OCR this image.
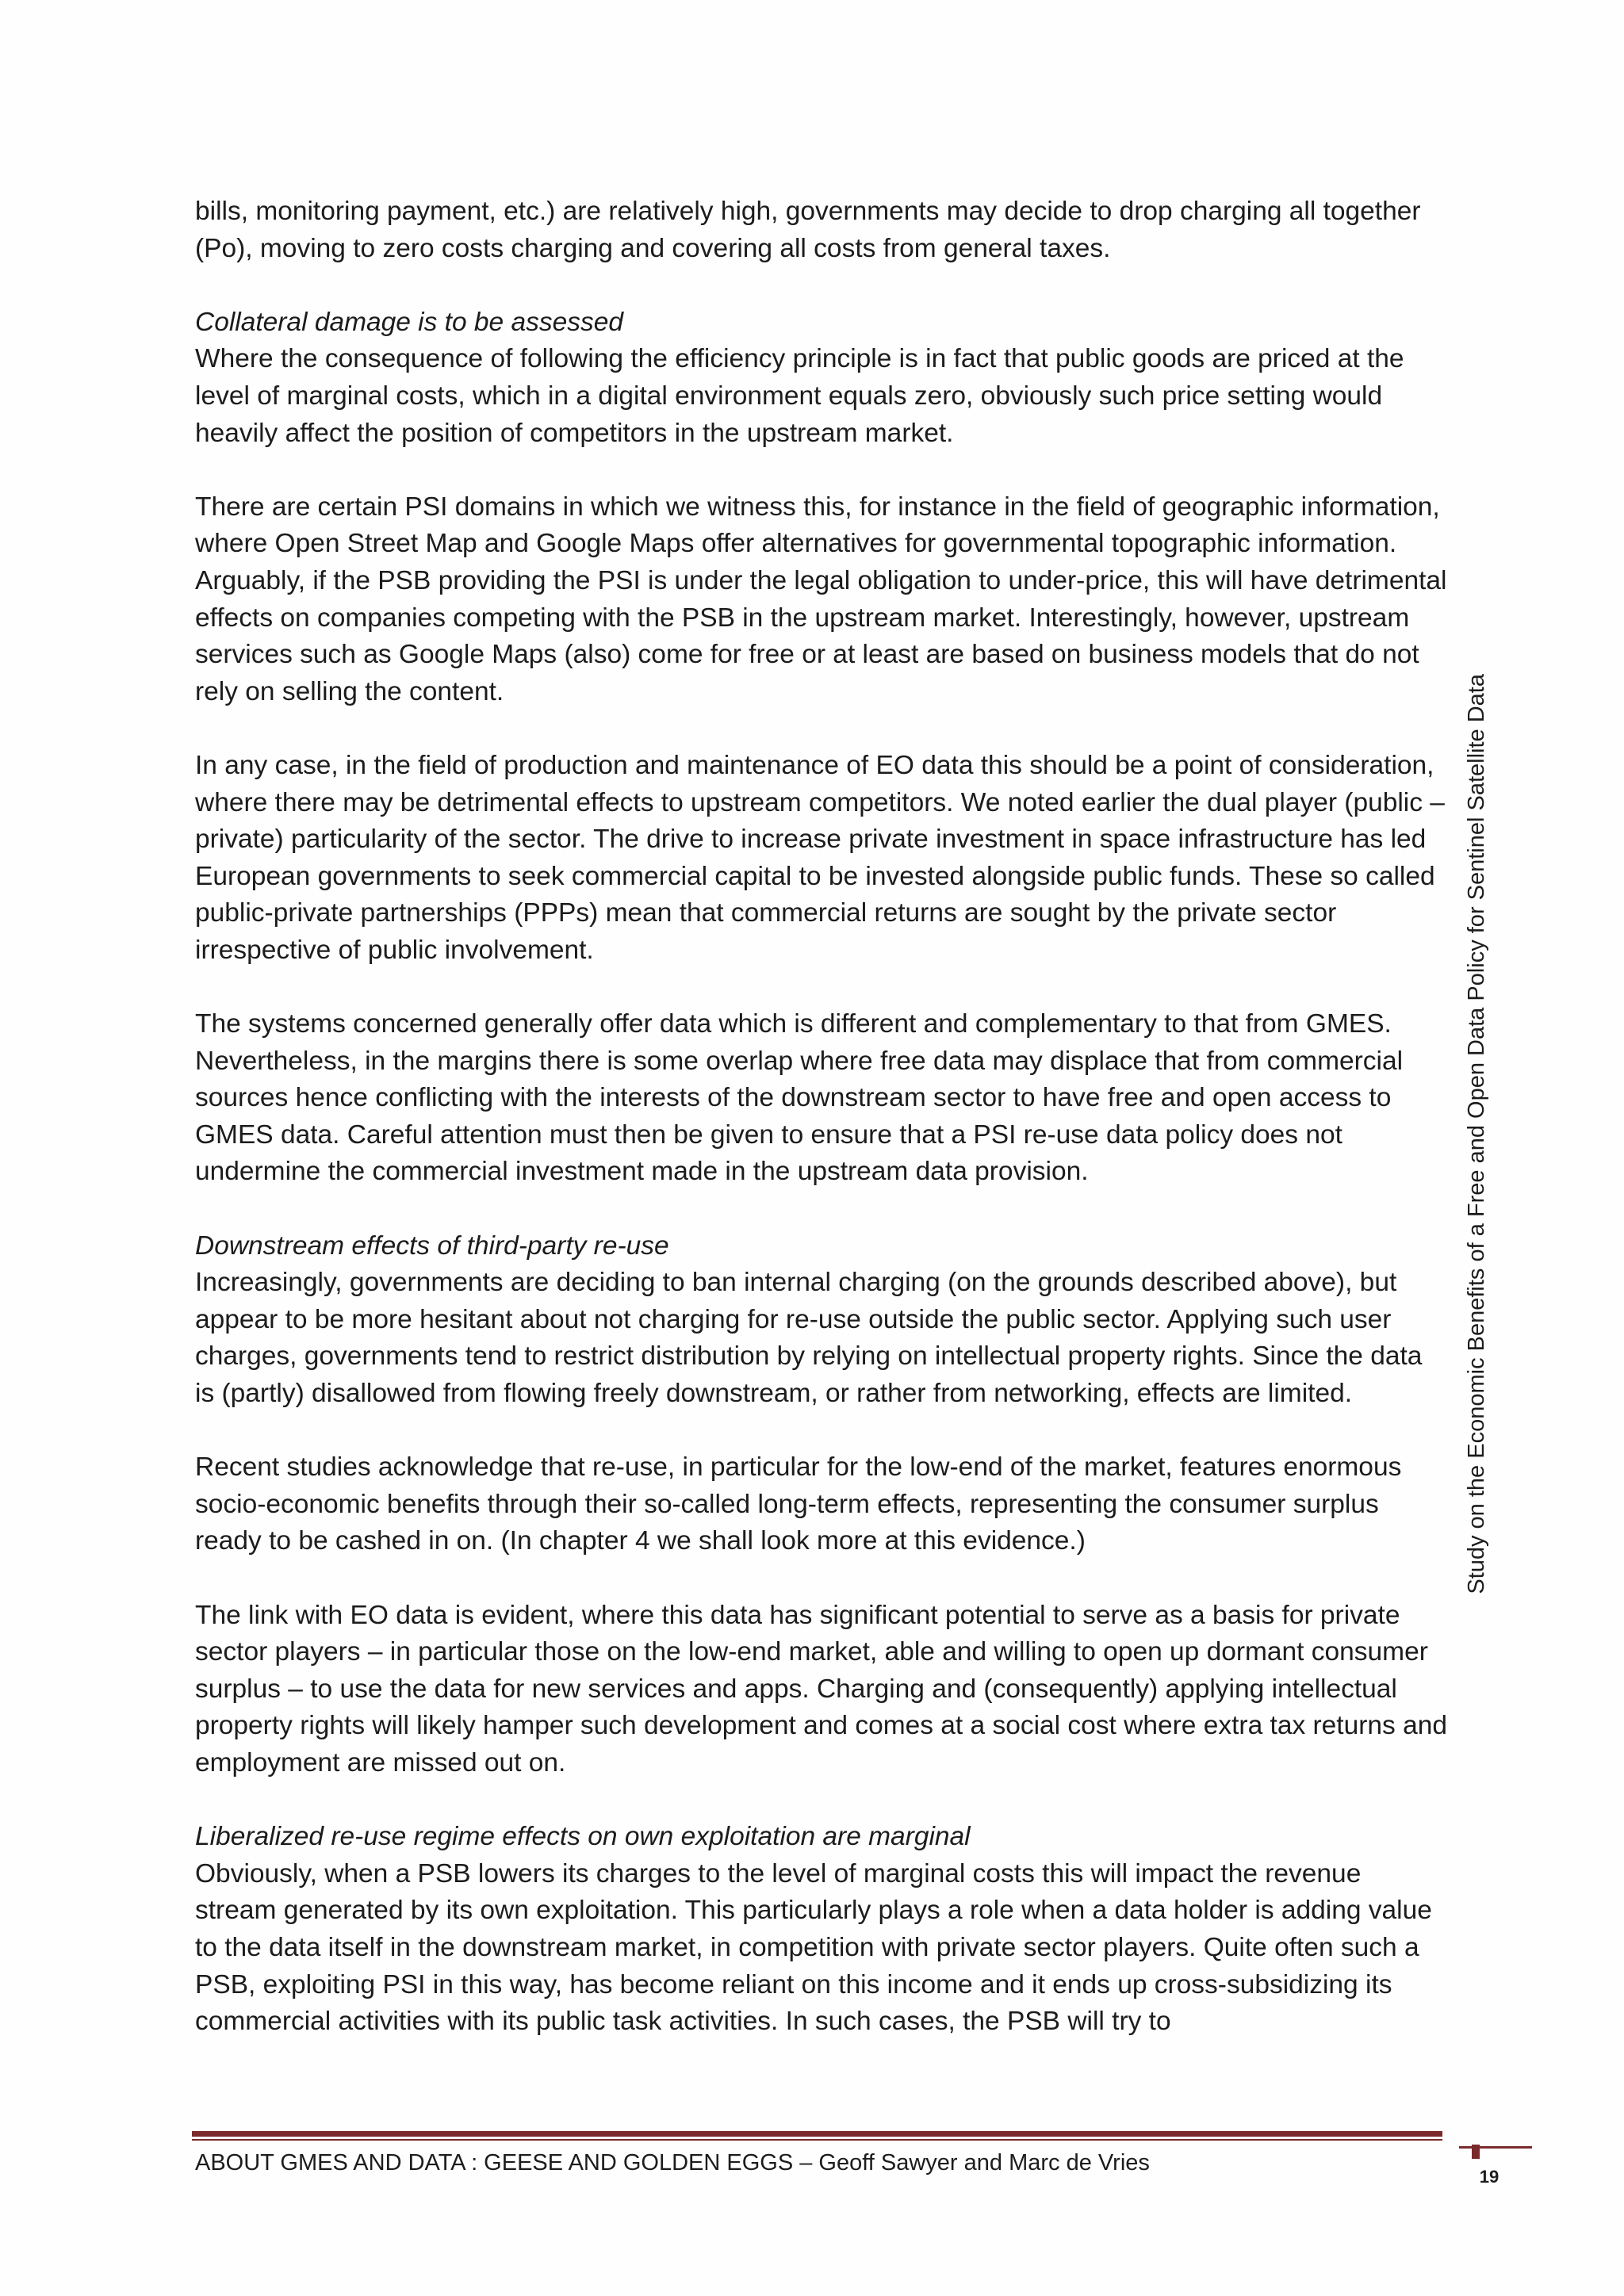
bills, monitoring payment, etc.) are relatively high, governments may decide to drop charging all together (Po), moving to zero costs charging and covering all costs from general taxes.

Collateral damage is to be assessed

Where the consequence of following the efficiency principle is in fact that public goods are priced at the level of marginal costs, which in a digital environment equals zero, obviously such price setting would heavily affect the position of competitors in the upstream market.

There are certain PSI domains in which we witness this, for instance in the field of geographic information, where Open Street Map and Google Maps offer alternatives for governmental topographic information. Arguably, if the PSB providing the PSI is under the legal obligation to under-price, this will have detrimental effects on companies competing with the PSB in the upstream market. Interestingly, however, upstream services such as Google Maps (also) come for free or at least are based on business models that do not rely on selling the content.

In any case, in the field of production and maintenance of EO data this should be a point of consideration, where there may be detrimental effects to upstream competitors. We noted earlier the dual player (public – private) particularity of the sector. The drive to increase private investment in space infrastructure has led European governments to seek commercial capital to be invested alongside public funds. These so called public-private partnerships (PPPs) mean that commercial returns are sought by the private sector irrespective of public involvement.

The systems concerned generally offer data which is different and complementary to that from GMES. Nevertheless, in the margins there is some overlap where free data may displace that from commercial sources hence conflicting with the interests of the downstream sector to have free and open access to GMES data. Careful attention must then be given to ensure that a PSI re-use data policy does not undermine the commercial investment made in the upstream data provision.

Downstream effects of third-party re-use

Increasingly, governments are deciding to ban internal charging (on the grounds described above), but appear to be more hesitant about not charging for re-use outside the public sector. Applying such user charges, governments tend to restrict distribution by relying on intellectual property rights. Since the data is (partly) disallowed from flowing freely downstream, or rather from networking, effects are limited.

Recent studies acknowledge that re-use, in particular for the low-end of the market, features enormous socio-economic benefits through their so-called long-term effects, representing the consumer surplus ready to be cashed in on. (In chapter 4 we shall look more at this evidence.)

The link with EO data is evident, where this data has significant potential to serve as a basis for private sector players – in particular those on the low-end market, able and willing to open up dormant consumer surplus – to use the data for new services and apps. Charging and (consequently) applying intellectual property rights will likely hamper such development and comes at a social cost where extra tax returns and employment are missed out on.

Liberalized re-use regime effects on own exploitation are marginal

Obviously, when a PSB lowers its charges to the level of marginal costs this will impact the revenue stream generated by its own exploitation. This particularly plays a role when a data holder is adding value to the data itself in the downstream market, in competition with private sector players. Quite often such a PSB, exploiting PSI in this way, has become reliant on this income and it ends up cross-subsidizing its commercial activities with its public task activities. In such cases, the PSB will try to

ABOUT GMES AND DATA : GEESE AND GOLDEN EGGS – Geoff Sawyer and Marc de Vries
Study on the Economic Benefits of a Free and Open Data Policy for Sentinel Satellite Data
19
